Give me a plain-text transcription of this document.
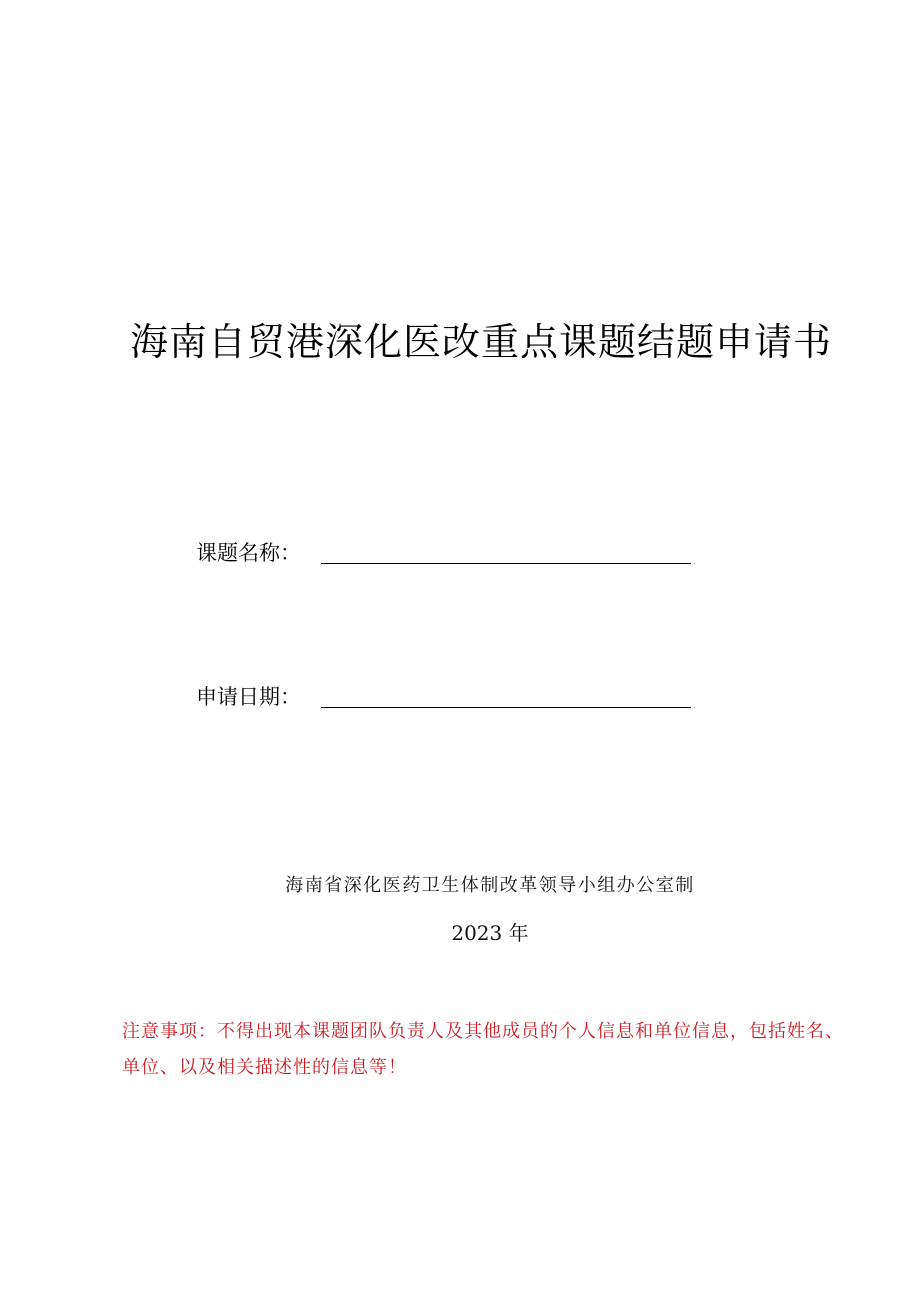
海南自贸港深化医改重点课题结题申请书
课题名称：
申请日期：
海南省深化医药卫生体制改革领导小组办公室制
2023 年
注意事项：不得出现本课题团队负责人及其他成员的个人信息和单位信息，包括姓名、单位、以及相关描述性的信息等！
